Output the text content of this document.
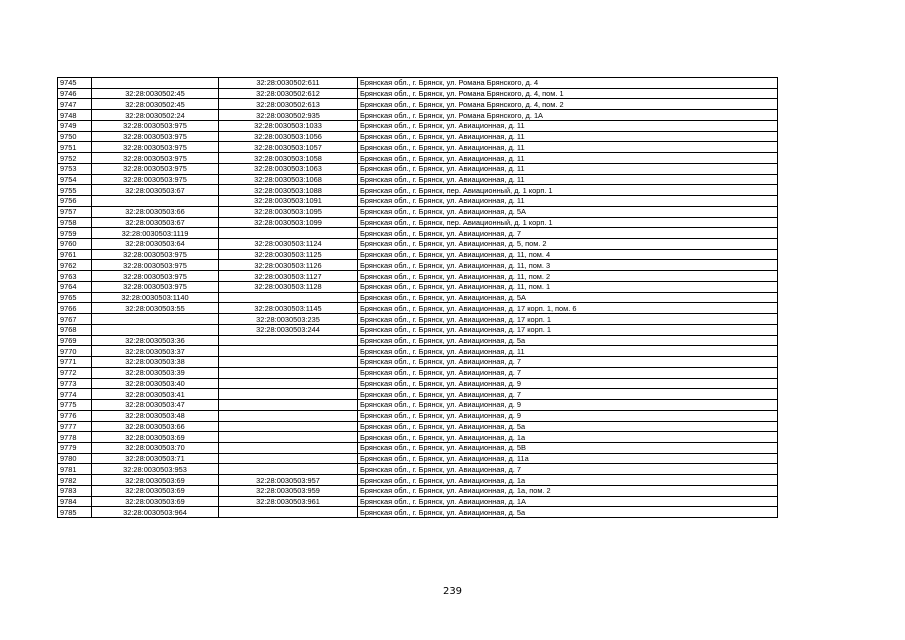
9745		32:28:0030502:611	Брянская обл., г. Брянск, ул. Романа Брянского, д. 4
9746	32:28:0030502:45	32:28:0030502:612	Брянская обл., г. Брянск, ул. Романа Брянского, д. 4, пом. 1
9747	32:28:0030502:45	32:28:0030502:613	Брянская обл., г. Брянск, ул. Романа Брянского, д. 4, пом. 2
9748	32:28:0030502:24	32:28:0030502:935	Брянская обл., г. Брянск, ул. Романа Брянского, д. 1А
9749	32:28:0030503:975	32:28:0030503:1033	Брянская обл., г. Брянск, ул. Авиационная, д. 11
9750	32:28:0030503:975	32:28:0030503:1056	Брянская обл., г. Брянск, ул. Авиационная, д. 11
9751	32:28:0030503:975	32:28:0030503:1057	Брянская обл., г. Брянск, ул. Авиационная, д. 11
9752	32:28:0030503:975	32:28:0030503:1058	Брянская обл., г. Брянск, ул. Авиационная, д. 11
9753	32:28:0030503:975	32:28:0030503:1063	Брянская обл., г. Брянск, ул. Авиационная, д. 11
9754	32:28:0030503:975	32:28:0030503:1068	Брянская обл., г. Брянск, ул. Авиационная, д. 11
9755	32:28:0030503:67	32:28:0030503:1088	Брянская обл., г. Брянск, пер. Авиационный, д. 1 корп. 1
9756		32:28:0030503:1091	Брянская обл., г. Брянск, ул. Авиационная, д. 11
9757	32:28:0030503:66	32:28:0030503:1095	Брянская обл., г. Брянск, ул. Авиационная, д. 5А
9758	32:28:0030503:67	32:28:0030503:1099	Брянская обл., г. Брянск, пер. Авиационный, д. 1 корп. 1
9759	32:28:0030503:1119		Брянская обл., г. Брянск, ул. Авиационная, д. 7
9760	32:28:0030503:64	32:28:0030503:1124	Брянская обл., г. Брянск, ул. Авиационная, д. 5, пом. 2
9761	32:28:0030503:975	32:28:0030503:1125	Брянская обл., г. Брянск, ул. Авиационная, д. 11, пом. 4
9762	32:28:0030503:975	32:28:0030503:1126	Брянская обл., г. Брянск, ул. Авиационная, д. 11, пом. 3
9763	32:28:0030503:975	32:28:0030503:1127	Брянская обл., г. Брянск, ул. Авиационная, д. 11, пом. 2
9764	32:28:0030503:975	32:28:0030503:1128	Брянская обл., г. Брянск, ул. Авиационная, д. 11, пом. 1
9765	32:28:0030503:1140		Брянская обл., г. Брянск, ул. Авиационная, д. 5А
9766	32:28:0030503:55	32:28:0030503:1145	Брянская обл., г. Брянск, ул. Авиационная, д. 17 корп. 1, пом. 6
9767		32:28:0030503:235	Брянская обл., г. Брянск, ул. Авиационная, д. 17 корп. 1
9768		32:28:0030503:244	Брянская обл., г. Брянск, ул. Авиационная, д. 17 корп. 1
9769	32:28:0030503:36		Брянская обл., г. Брянск, ул. Авиационная, д. 5а
9770	32:28:0030503:37		Брянская обл., г. Брянск, ул. Авиационная, д. 11
9771	32:28:0030503:38		Брянская обл., г. Брянск, ул. Авиационная, д. 7
9772	32:28:0030503:39		Брянская обл., г. Брянск, ул. Авиационная, д. 7
9773	32:28:0030503:40		Брянская обл., г. Брянск, ул. Авиационная, д. 9
9774	32:28:0030503:41		Брянская обл., г. Брянск, ул. Авиационная, д. 7
9775	32:28:0030503:47		Брянская обл., г. Брянск, ул. Авиационная, д. 9
9776	32:28:0030503:48		Брянская обл., г. Брянск, ул. Авиационная, д. 9
9777	32:28:0030503:66		Брянская обл., г. Брянск, ул. Авиационная, д. 5а
9778	32:28:0030503:69		Брянская обл., г. Брянск, ул. Авиационная, д. 1а
9779	32:28:0030503:70		Брянская обл., г. Брянск, ул. Авиационная, д. 5В
9780	32:28:0030503:71		Брянская обл., г. Брянск, ул. Авиационная, д. 11а
9781	32:28:0030503:953		Брянская обл., г. Брянск, ул. Авиационная, д. 7
9782	32:28:0030503:69	32:28:0030503:957	Брянская обл., г. Брянск, ул. Авиационная, д. 1а
9783	32:28:0030503:69	32:28:0030503:959	Брянская обл., г. Брянск, ул. Авиационная, д. 1а, пом. 2
9784	32:28:0030503:69	32:28:0030503:961	Брянская обл., г. Брянск, ул. Авиационная, д. 1А
9785	32:28:0030503:964		Брянская обл., г. Брянск, ул. Авиационная, д. 5а
239
